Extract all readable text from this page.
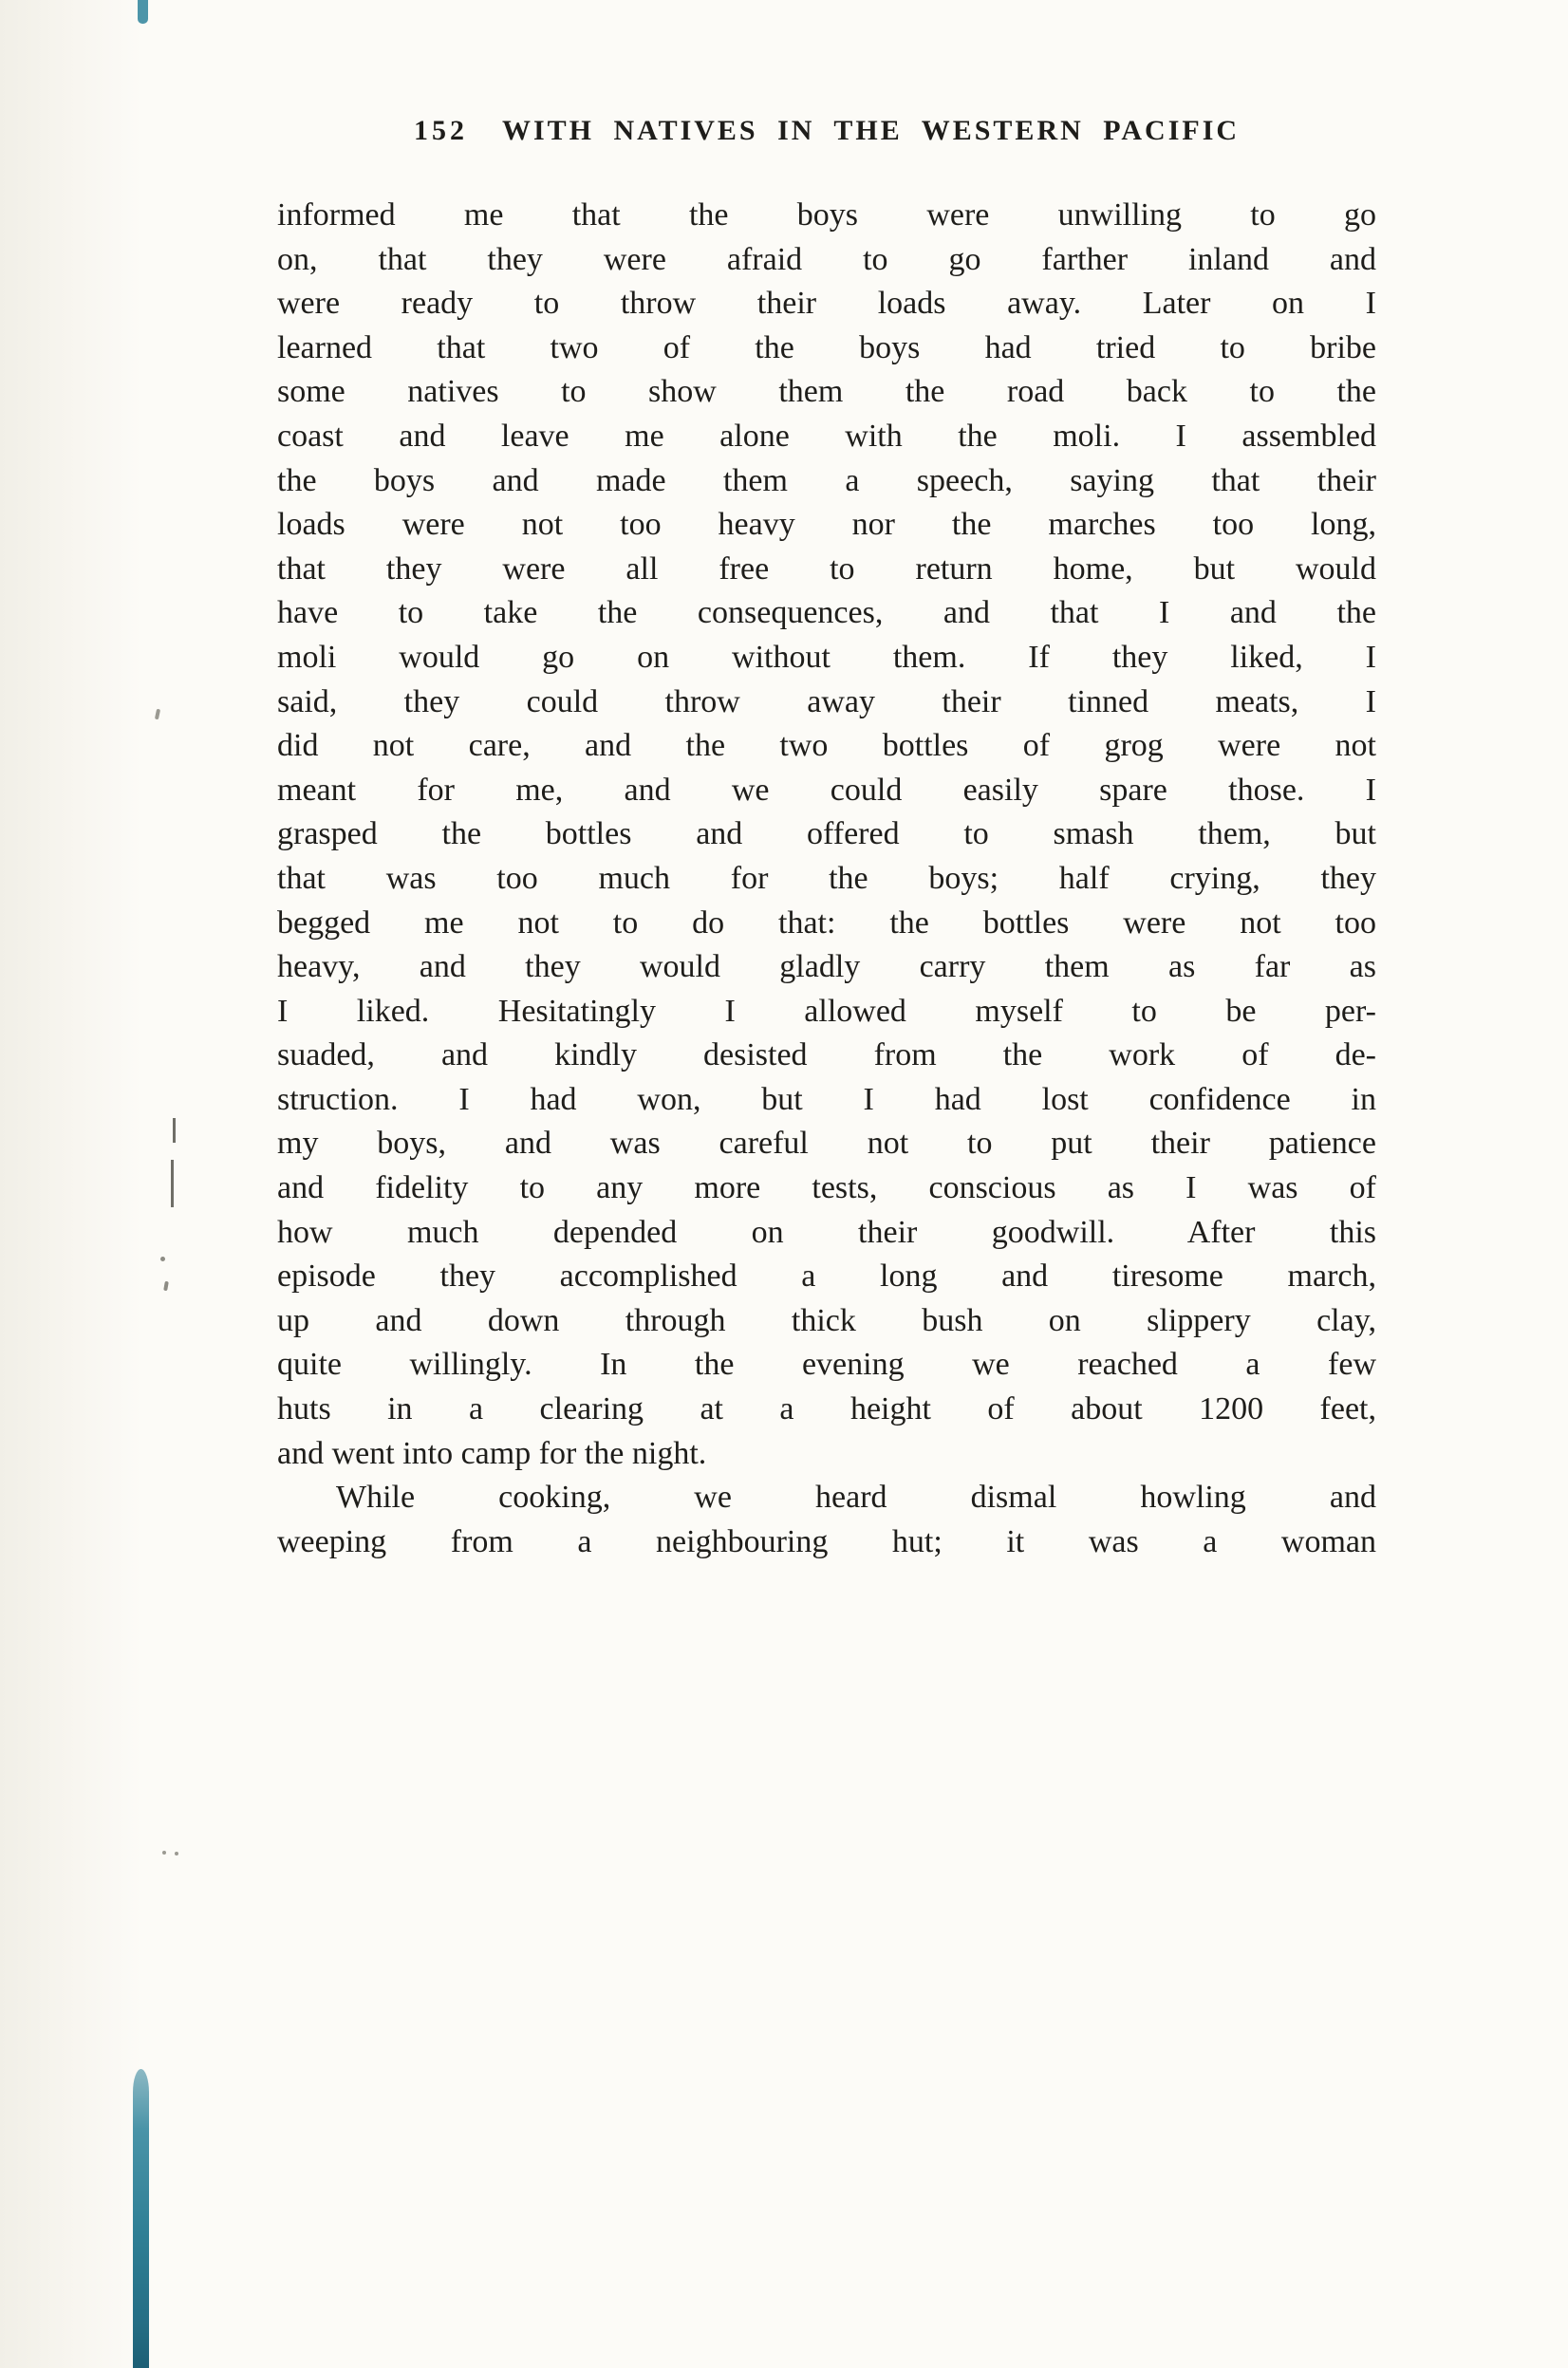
152 WITH NATIVES IN THE WESTERN PACIFIC
informed me that the boys were unwilling to go
on, that they were afraid to go farther inland and
were ready to throw their loads away. Later on I
learned that two of the boys had tried to bribe
some natives to show them the road back to the
coast and leave me alone with the moli. I assembled
the boys and made them a speech, saying that their
loads were not too heavy nor the marches too long,
that they were all free to return home, but would
have to take the consequences, and that I and the
moli would go on without them. If they liked, I
said, they could throw away their tinned meats, I
did not care, and the two bottles of grog were not
meant for me, and we could easily spare those. I
grasped the bottles and offered to smash them, but
that was too much for the boys; half crying, they
begged me not to do that: the bottles were not too
heavy, and they would gladly carry them as far as
I liked. Hesitatingly I allowed myself to be per-
suaded, and kindly desisted from the work of de-
struction. I had won, but I had lost confidence in
my boys, and was careful not to put their patience
and fidelity to any more tests, conscious as I was of
how much depended on their goodwill. After this
episode they accomplished a long and tiresome march,
up and down through thick bush on slippery clay,
quite willingly. In the evening we reached a few
huts in a clearing at a height of about 1200 feet,
and went into camp for the night.
While cooking, we heard dismal howling and
weeping from a neighbouring hut; it was a woman
